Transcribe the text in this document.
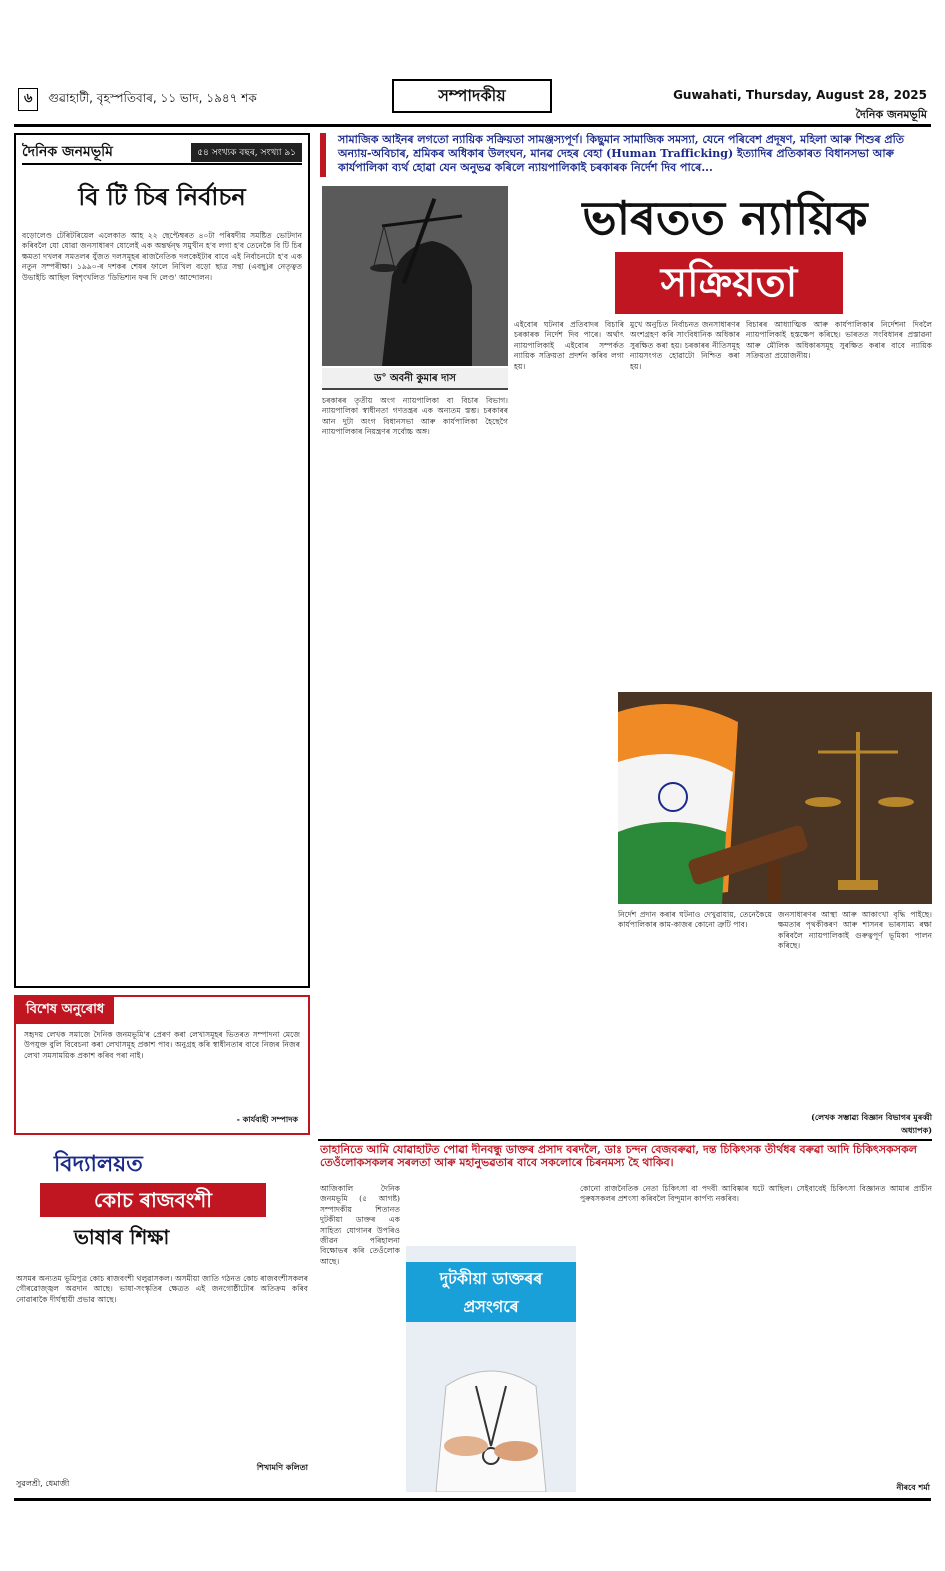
৬ গুৱাহাটী, বৃহস্পতিবাৰ, ১১ ভাদ, ১৯৪৭ শক	সম্পাদকীয়	Guwahati, Thursday, August 28, 2025
দৈনিক জনমভূমি
দৈনিক জনমভূমি	৫৪ সংখ্যক বছৰ, সংখ্যা ৯১
বি টি চিৰ নিৰ্বাচন
বড়োলেণ্ড টেৰিটৰিয়েল এলেকাত আহ ২২ ছেপ্টেম্বৰত ৪০টা পৰিষদীয় সমষ্টিত ভোটদান কৰিবলৈ যো যোৱা জনসাধাৰণ যোলেই এক অন্তৰ্দ্বন্দ্ব সমুখীন হ'ব লগা হ'ব তেনেকৈ বি টি চিৰ ক্ষমতা দখলৰ সমতলৰ যুঁজত দলসমূহৰ ৰাজনৈতিক দলকেইটাৰ বাবে এই নিৰ্বাচনটো হ'ব এক নতুন সম্পৰীক্ষা। ১৯৯০-ৰ দশকৰ শেষৰ ফালে নিখিল বড়ো ছাত্ৰ সন্থা (এবছু)ৰ নেতৃত্বত উভাইচি আছিল বিশৃংখলিত 'ডিভিশ্যন ফৰ দি লেণ্ড' আন্দোলন।
বিশেষ অনুৰোধ
সহৃদয় লেখক সমাজে দৈনিক জনমভূমি'ৰ প্ৰেৰণ কৰা লেখাসমূহৰ ভিতৰত সম্পাদনা মেজে উপযুক্ত বুলি বিবেচনা কৰা লেখাসমূহ প্ৰকাশ পাব। অনুগ্ৰহ কৰি স্বাধীনতাৰ বাবে নিজৰ নিজৰ লেখা সমসাময়িক প্ৰকাশ কৰিব পৰা নাই।
- কাৰ্যবাহী সম্পাদক
সামাজিক আইনৰ লগতো ন্যায়িক সক্রিয়তা সামঞ্জস্যপূৰ্ণ। কিছুমান সামাজিক সমস্যা, যেনে পৰিবেশ প্ৰদূষণ, মহিলা আৰু শিশুৰ প্ৰতি অন্যায়-অবিচাৰ, শ্ৰমিকৰ অধিকাৰ উলংঘন, মানৱ দেহৰ বেহা (Human Trafficking) ইত্যাদিৰ প্ৰতিকাৰত বিধানসভা আৰু কাৰ্যপালিকা ব্যৰ্থ হোৱা যেন অনুভৱ কৰিলে ন্যায়পালিকাই চৰকাৰক নিৰ্দেশ দিব পাৰে...
ড° অবনী কুমাৰ দাস
ভাৰতত ন্যায়িক
সক্রিয়তা
চৰকাৰৰ তৃতীয় অংগ ন্যায়পালিকা বা বিচাৰ বিভাগ। ন্যায়পালিকা স্বাধীনতা গণতন্ত্ৰৰ এক অন্যতম স্তম্ভ। চৰকাৰৰ আন দুটা অংগ বিধানসভা আৰু কাৰ্যপালিকা হৈছেগৈ ন্যায়পালিকাৰ নিয়ন্ত্ৰণৰ সৰ্বোচ্চ অঙ্গ।
এইবোৰ ঘটনাৰ প্ৰতিবাদৰ বিচাৰি চৰকাৰক নিৰ্দেশ দিব পাৰে। অৰ্থাৎ ন্যায়পালিকাই এইবোৰ সম্পৰ্কত ন্যায়িক সক্রিয়তা প্ৰদৰ্শন কৰিব লগা হয়।
মুখে অনুচিত নিৰ্বাচনত জনসাধাৰণৰ অংশগ্ৰহণ কৰি সাংবিধানিক অধিকাৰ সুৰক্ষিত কৰা হয়। চৰকাৰৰ নীতিসমূহ ন্যায়সংগত হোৱাটো নিশ্চিত কৰা হয়।
বিচাৰৰ আধ্যাত্মিক আৰু কাৰ্যপালিকাৰ নিৰ্দেশনা দিবলৈ ন্যায়পালিকাই হস্তক্ষেপ কৰিছে। ভাৰতত সংবিধানৰ প্ৰস্তাৱনা আৰু মৌলিক অধিকাৰসমূহ সুৰক্ষিত কৰাৰ বাবে ন্যায়িক সক্রিয়তা প্ৰয়োজনীয়।
নিৰ্দেশ প্ৰদান কৰাৰ ঘটনাও দেখুৱাযায়, তেনেকৈয়ে কাৰ্যপালিকাৰ কাম-কাজৰ কোনো ত্ৰুটি পাব।
জনসাধাৰণৰ আস্থা আৰু আকাংখা বৃদ্ধি পাইছে। ক্ষমতাৰ পৃথকীকৰণ আৰু শাসনৰ ভাৰসাম্য ৰক্ষা কৰিবলৈ ন্যায়পালিকাই গুৰুত্বপূৰ্ণ ভূমিকা পালন কৰিছে।
(লেখক সম্ভাৱ্য বিজ্ঞান বিভাগৰ মুৰব্বী অধ্যাপক)
বিদ্যালয়ত
কোচ ৰাজবংশী
ভাষাৰ শিক্ষা
অসমৰ অন্যতম ভূমিপুত্ৰ কোচ ৰাজবংশী থলুৱাসকল। অসমীয়া জাতি গঠনত কোচ ৰাজবংশীসকলৰ গৌৰৱোজ্জ্বল অৱদান আছে। ভাষা-সংস্কৃতিৰ ক্ষেত্ৰত এই জনগোষ্ঠীটোৰ অতিক্ৰম কৰিব নোৱাৰাকৈ দীৰ্ঘস্থায়ী প্ৰভাৱ আছে।
শিখামণি কলিতা
সুৱলশ্ৰী, ধেমাজী
তাহানিতে আমি যোৱাহাটত পোৱা দীনবন্ধু ডাক্তৰ প্ৰসাদ বৰদলৈ, ডাঃ চন্দন বেজবৰুৱা, দন্ত চিকিৎসক তীৰ্থধৰ বৰুৱা আদি চিকিৎসকসকল তেওঁলোকসকলৰ সৰলতা আৰু মহানুভৱতাৰ বাবে সকলোৰে চিৰনমস্য হৈ থাকিব।
আজিকালি দৈনিক জনমভূমি (৫ আগষ্ট) সম্পাদকীয় শিতানত দুটকীয়া ডাক্তৰ এক সাহিত্য যোগানৰ উপৰিও জীৱন পৰিহালনা বিক্ষোভৰ কৰি তেওঁলোক আছে।
দুটকীয়া ডাক্তৰৰ
প্ৰসংগৰে
কোনো রাজনৈতিক নেতা চিকিৎসা বা পদবী আবিষ্কাৰ ঘটে আছিল। সেইবাবেই চিকিৎসা বিজ্ঞানত আমাৰ প্ৰাচীন পুৰুষসকলৰ প্ৰশংসা কৰিবলৈ বিন্দুমান কাৰ্পণ্য নকৰিব।
নীৰবে শৰ্মা
